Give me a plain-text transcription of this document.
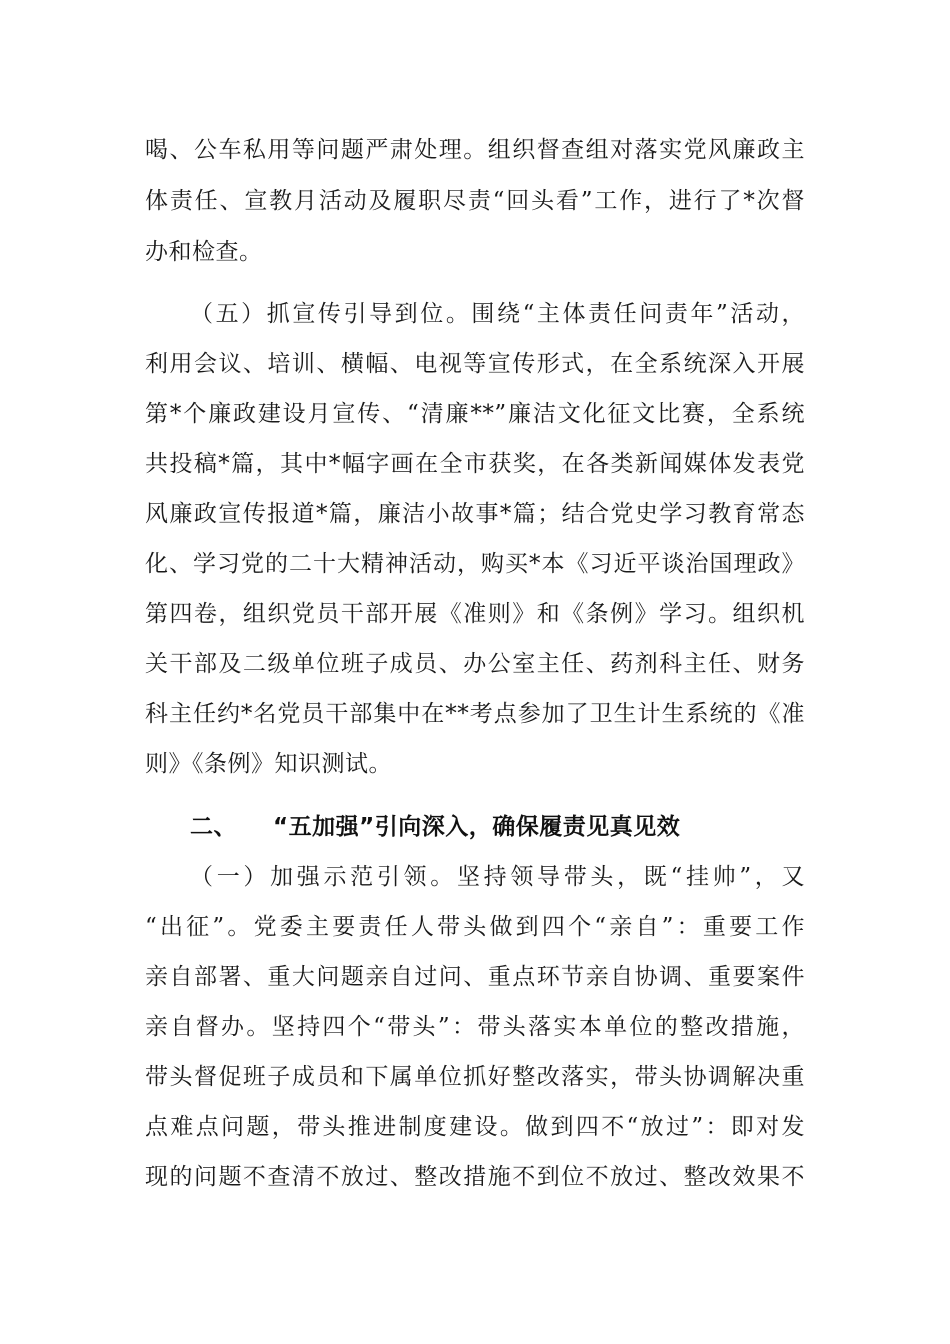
喝、公车私用等问题严肃处理。组织督查组对落实党风廉政主
体责任、宣教月活动及履职尽责“回头看”工作，进行了*次督
办和检查。
（五）抓宣传引导到位。围绕“主体责任问责年”活动，
利用会议、培训、横幅、电视等宣传形式，在全系统深入开展
第*个廉政建设月宣传、“清廉**”廉洁文化征文比赛，全系统
共投稿*篇，其中*幅字画在全市获奖，在各类新闻媒体发表党
风廉政宣传报道*篇，廉洁小故事*篇；结合党史学习教育常态
化、学习党的二十大精神活动，购买*本《习近平谈治国理政》
第四卷，组织党员干部开展《准则》和《条例》学习。组织机
关干部及二级单位班子成员、办公室主任、药剂科主任、财务
科主任约*名党员干部集中在**考点参加了卫生计生系统的《准
则》《条例》知识测试。
二、 “五加强”引向深入，确保履责见真见效
（一）加强示范引领。坚持领导带头，既“挂帅”，又
“出征”。党委主要责任人带头做到四个“亲自”：重要工作
亲自部署、重大问题亲自过问、重点环节亲自协调、重要案件
亲自督办。坚持四个“带头”：带头落实本单位的整改措施，
带头督促班子成员和下属单位抓好整改落实，带头协调解决重
点难点问题，带头推进制度建设。做到四不“放过”：即对发
现的问题不查清不放过、整改措施不到位不放过、整改效果不
